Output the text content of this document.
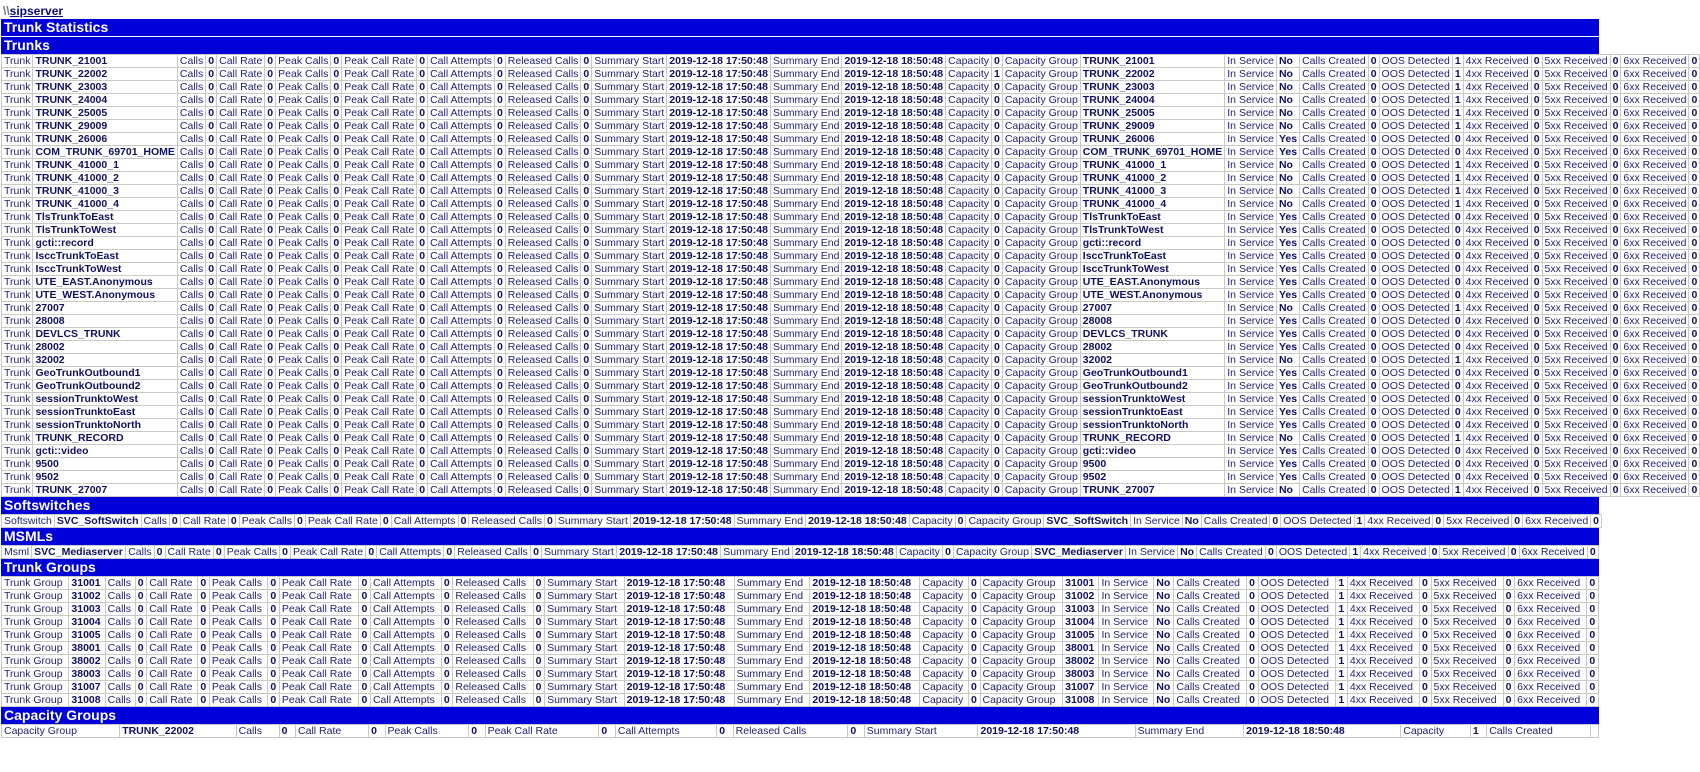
\\sipserver
Trunk Statistics
Trunks
Trunk	TRUNK_21001	Calls	0	Call Rate	0	Peak Calls	0	Peak Call Rate	0	Call Attempts	0	Released Calls	0	Summary Start	2019-12-18 17:50:48	Summary End	2019-12-18 18:50:48	Capacity	0	Capacity Group	TRUNK_21001	In Service	No	Calls Created	0	OOS Detected	1	4xx Received	0	5xx Received	0	6xx Received	0
Trunk	TRUNK_22002	Calls	0	Call Rate	0	Peak Calls	0	Peak Call Rate	0	Call Attempts	0	Released Calls	0	Summary Start	2019-12-18 17:50:48	Summary End	2019-12-18 18:50:48	Capacity	1	Capacity Group	TRUNK_22002	In Service	No	Calls Created	0	OOS Detected	1	4xx Received	0	5xx Received	0	6xx Received	0
Trunk	TRUNK_23003	Calls	0	Call Rate	0	Peak Calls	0	Peak Call Rate	0	Call Attempts	0	Released Calls	0	Summary Start	2019-12-18 17:50:48	Summary End	2019-12-18 18:50:48	Capacity	0	Capacity Group	TRUNK_23003	In Service	No	Calls Created	0	OOS Detected	1	4xx Received	0	5xx Received	0	6xx Received	0
Trunk	TRUNK_24004	Calls	0	Call Rate	0	Peak Calls	0	Peak Call Rate	0	Call Attempts	0	Released Calls	0	Summary Start	2019-12-18 17:50:48	Summary End	2019-12-18 18:50:48	Capacity	0	Capacity Group	TRUNK_24004	In Service	No	Calls Created	0	OOS Detected	1	4xx Received	0	5xx Received	0	6xx Received	0
Trunk	TRUNK_25005	Calls	0	Call Rate	0	Peak Calls	0	Peak Call Rate	0	Call Attempts	0	Released Calls	0	Summary Start	2019-12-18 17:50:48	Summary End	2019-12-18 18:50:48	Capacity	0	Capacity Group	TRUNK_25005	In Service	No	Calls Created	0	OOS Detected	1	4xx Received	0	5xx Received	0	6xx Received	0
Trunk	TRUNK_29009	Calls	0	Call Rate	0	Peak Calls	0	Peak Call Rate	0	Call Attempts	0	Released Calls	0	Summary Start	2019-12-18 17:50:48	Summary End	2019-12-18 18:50:48	Capacity	0	Capacity Group	TRUNK_29009	In Service	No	Calls Created	0	OOS Detected	1	4xx Received	0	5xx Received	0	6xx Received	0
Trunk	TRUNK_26006	Calls	0	Call Rate	0	Peak Calls	0	Peak Call Rate	0	Call Attempts	0	Released Calls	0	Summary Start	2019-12-18 17:50:48	Summary End	2019-12-18 18:50:48	Capacity	0	Capacity Group	TRUNK_26006	In Service	Yes	Calls Created	0	OOS Detected	0	4xx Received	0	5xx Received	0	6xx Received	0
Trunk	COM_TRUNK_69701_HOME	Calls	0	Call Rate	0	Peak Calls	0	Peak Call Rate	0	Call Attempts	0	Released Calls	0	Summary Start	2019-12-18 17:50:48	Summary End	2019-12-18 18:50:48	Capacity	0	Capacity Group	COM_TRUNK_69701_HOME	In Service	Yes	Calls Created	0	OOS Detected	0	4xx Received	0	5xx Received	0	6xx Received	0
Trunk	TRUNK_41000_1	Calls	0	Call Rate	0	Peak Calls	0	Peak Call Rate	0	Call Attempts	0	Released Calls	0	Summary Start	2019-12-18 17:50:48	Summary End	2019-12-18 18:50:48	Capacity	0	Capacity Group	TRUNK_41000_1	In Service	No	Calls Created	0	OOS Detected	1	4xx Received	0	5xx Received	0	6xx Received	0
Trunk	TRUNK_41000_2	Calls	0	Call Rate	0	Peak Calls	0	Peak Call Rate	0	Call Attempts	0	Released Calls	0	Summary Start	2019-12-18 17:50:48	Summary End	2019-12-18 18:50:48	Capacity	0	Capacity Group	TRUNK_41000_2	In Service	No	Calls Created	0	OOS Detected	1	4xx Received	0	5xx Received	0	6xx Received	0
Trunk	TRUNK_41000_3	Calls	0	Call Rate	0	Peak Calls	0	Peak Call Rate	0	Call Attempts	0	Released Calls	0	Summary Start	2019-12-18 17:50:48	Summary End	2019-12-18 18:50:48	Capacity	0	Capacity Group	TRUNK_41000_3	In Service	No	Calls Created	0	OOS Detected	1	4xx Received	0	5xx Received	0	6xx Received	0
Trunk	TRUNK_41000_4	Calls	0	Call Rate	0	Peak Calls	0	Peak Call Rate	0	Call Attempts	0	Released Calls	0	Summary Start	2019-12-18 17:50:48	Summary End	2019-12-18 18:50:48	Capacity	0	Capacity Group	TRUNK_41000_4	In Service	No	Calls Created	0	OOS Detected	1	4xx Received	0	5xx Received	0	6xx Received	0
Trunk	TlsTrunkToEast	Calls	0	Call Rate	0	Peak Calls	0	Peak Call Rate	0	Call Attempts	0	Released Calls	0	Summary Start	2019-12-18 17:50:48	Summary End	2019-12-18 18:50:48	Capacity	0	Capacity Group	TlsTrunkToEast	In Service	Yes	Calls Created	0	OOS Detected	0	4xx Received	0	5xx Received	0	6xx Received	0
Trunk	TlsTrunkToWest	Calls	0	Call Rate	0	Peak Calls	0	Peak Call Rate	0	Call Attempts	0	Released Calls	0	Summary Start	2019-12-18 17:50:48	Summary End	2019-12-18 18:50:48	Capacity	0	Capacity Group	TlsTrunkToWest	In Service	Yes	Calls Created	0	OOS Detected	0	4xx Received	0	5xx Received	0	6xx Received	0
Trunk	gcti::record	Calls	0	Call Rate	0	Peak Calls	0	Peak Call Rate	0	Call Attempts	0	Released Calls	0	Summary Start	2019-12-18 17:50:48	Summary End	2019-12-18 18:50:48	Capacity	0	Capacity Group	gcti::record	In Service	Yes	Calls Created	0	OOS Detected	0	4xx Received	0	5xx Received	0	6xx Received	0
Trunk	IsccTrunkToEast	Calls	0	Call Rate	0	Peak Calls	0	Peak Call Rate	0	Call Attempts	0	Released Calls	0	Summary Start	2019-12-18 17:50:48	Summary End	2019-12-18 18:50:48	Capacity	0	Capacity Group	IsccTrunkToEast	In Service	Yes	Calls Created	0	OOS Detected	0	4xx Received	0	5xx Received	0	6xx Received	0
Trunk	IsccTrunkToWest	Calls	0	Call Rate	0	Peak Calls	0	Peak Call Rate	0	Call Attempts	0	Released Calls	0	Summary Start	2019-12-18 17:50:48	Summary End	2019-12-18 18:50:48	Capacity	0	Capacity Group	IsccTrunkToWest	In Service	Yes	Calls Created	0	OOS Detected	0	4xx Received	0	5xx Received	0	6xx Received	0
Trunk	UTE_EAST.Anonymous	Calls	0	Call Rate	0	Peak Calls	0	Peak Call Rate	0	Call Attempts	0	Released Calls	0	Summary Start	2019-12-18 17:50:48	Summary End	2019-12-18 18:50:48	Capacity	0	Capacity Group	UTE_EAST.Anonymous	In Service	Yes	Calls Created	0	OOS Detected	0	4xx Received	0	5xx Received	0	6xx Received	0
Trunk	UTE_WEST.Anonymous	Calls	0	Call Rate	0	Peak Calls	0	Peak Call Rate	0	Call Attempts	0	Released Calls	0	Summary Start	2019-12-18 17:50:48	Summary End	2019-12-18 18:50:48	Capacity	0	Capacity Group	UTE_WEST.Anonymous	In Service	Yes	Calls Created	0	OOS Detected	0	4xx Received	0	5xx Received	0	6xx Received	0
Trunk	27007	Calls	0	Call Rate	0	Peak Calls	0	Peak Call Rate	0	Call Attempts	0	Released Calls	0	Summary Start	2019-12-18 17:50:48	Summary End	2019-12-18 18:50:48	Capacity	0	Capacity Group	27007	In Service	No	Calls Created	0	OOS Detected	1	4xx Received	0	5xx Received	0	6xx Received	0
Trunk	28008	Calls	0	Call Rate	0	Peak Calls	0	Peak Call Rate	0	Call Attempts	0	Released Calls	0	Summary Start	2019-12-18 17:50:48	Summary End	2019-12-18 18:50:48	Capacity	0	Capacity Group	28008	In Service	Yes	Calls Created	0	OOS Detected	0	4xx Received	0	5xx Received	0	6xx Received	0
Trunk	DEVLCS_TRUNK	Calls	0	Call Rate	0	Peak Calls	0	Peak Call Rate	0	Call Attempts	0	Released Calls	0	Summary Start	2019-12-18 17:50:48	Summary End	2019-12-18 18:50:48	Capacity	0	Capacity Group	DEVLCS_TRUNK	In Service	Yes	Calls Created	0	OOS Detected	0	4xx Received	0	5xx Received	0	6xx Received	0
Trunk	28002	Calls	0	Call Rate	0	Peak Calls	0	Peak Call Rate	0	Call Attempts	0	Released Calls	0	Summary Start	2019-12-18 17:50:48	Summary End	2019-12-18 18:50:48	Capacity	0	Capacity Group	28002	In Service	Yes	Calls Created	0	OOS Detected	0	4xx Received	0	5xx Received	0	6xx Received	0
Trunk	32002	Calls	0	Call Rate	0	Peak Calls	0	Peak Call Rate	0	Call Attempts	0	Released Calls	0	Summary Start	2019-12-18 17:50:48	Summary End	2019-12-18 18:50:48	Capacity	0	Capacity Group	32002	In Service	No	Calls Created	0	OOS Detected	1	4xx Received	0	5xx Received	0	6xx Received	0
Trunk	GeoTrunkOutbound1	Calls	0	Call Rate	0	Peak Calls	0	Peak Call Rate	0	Call Attempts	0	Released Calls	0	Summary Start	2019-12-18 17:50:48	Summary End	2019-12-18 18:50:48	Capacity	0	Capacity Group	GeoTrunkOutbound1	In Service	Yes	Calls Created	0	OOS Detected	0	4xx Received	0	5xx Received	0	6xx Received	0
Trunk	GeoTrunkOutbound2	Calls	0	Call Rate	0	Peak Calls	0	Peak Call Rate	0	Call Attempts	0	Released Calls	0	Summary Start	2019-12-18 17:50:48	Summary End	2019-12-18 18:50:48	Capacity	0	Capacity Group	GeoTrunkOutbound2	In Service	Yes	Calls Created	0	OOS Detected	0	4xx Received	0	5xx Received	0	6xx Received	0
Trunk	sessionTrunktoWest	Calls	0	Call Rate	0	Peak Calls	0	Peak Call Rate	0	Call Attempts	0	Released Calls	0	Summary Start	2019-12-18 17:50:48	Summary End	2019-12-18 18:50:48	Capacity	0	Capacity Group	sessionTrunktoWest	In Service	Yes	Calls Created	0	OOS Detected	0	4xx Received	0	5xx Received	0	6xx Received	0
Trunk	sessionTrunktoEast	Calls	0	Call Rate	0	Peak Calls	0	Peak Call Rate	0	Call Attempts	0	Released Calls	0	Summary Start	2019-12-18 17:50:48	Summary End	2019-12-18 18:50:48	Capacity	0	Capacity Group	sessionTrunktoEast	In Service	Yes	Calls Created	0	OOS Detected	0	4xx Received	0	5xx Received	0	6xx Received	0
Trunk	sessionTrunktoNorth	Calls	0	Call Rate	0	Peak Calls	0	Peak Call Rate	0	Call Attempts	0	Released Calls	0	Summary Start	2019-12-18 17:50:48	Summary End	2019-12-18 18:50:48	Capacity	0	Capacity Group	sessionTrunktoNorth	In Service	Yes	Calls Created	0	OOS Detected	0	4xx Received	0	5xx Received	0	6xx Received	0
Trunk	TRUNK_RECORD	Calls	0	Call Rate	0	Peak Calls	0	Peak Call Rate	0	Call Attempts	0	Released Calls	0	Summary Start	2019-12-18 17:50:48	Summary End	2019-12-18 18:50:48	Capacity	0	Capacity Group	TRUNK_RECORD	In Service	No	Calls Created	0	OOS Detected	1	4xx Received	0	5xx Received	0	6xx Received	0
Trunk	gcti::video	Calls	0	Call Rate	0	Peak Calls	0	Peak Call Rate	0	Call Attempts	0	Released Calls	0	Summary Start	2019-12-18 17:50:48	Summary End	2019-12-18 18:50:48	Capacity	0	Capacity Group	gcti::video	In Service	Yes	Calls Created	0	OOS Detected	0	4xx Received	0	5xx Received	0	6xx Received	0
Trunk	9500	Calls	0	Call Rate	0	Peak Calls	0	Peak Call Rate	0	Call Attempts	0	Released Calls	0	Summary Start	2019-12-18 17:50:48	Summary End	2019-12-18 18:50:48	Capacity	0	Capacity Group	9500	In Service	Yes	Calls Created	0	OOS Detected	0	4xx Received	0	5xx Received	0	6xx Received	0
Trunk	9502	Calls	0	Call Rate	0	Peak Calls	0	Peak Call Rate	0	Call Attempts	0	Released Calls	0	Summary Start	2019-12-18 17:50:48	Summary End	2019-12-18 18:50:48	Capacity	0	Capacity Group	9502	In Service	Yes	Calls Created	0	OOS Detected	0	4xx Received	0	5xx Received	0	6xx Received	0
Trunk	TRUNK_27007	Calls	0	Call Rate	0	Peak Calls	0	Peak Call Rate	0	Call Attempts	0	Released Calls	0	Summary Start	2019-12-18 17:50:48	Summary End	2019-12-18 18:50:48	Capacity	0	Capacity Group	TRUNK_27007	In Service	No	Calls Created	0	OOS Detected	1	4xx Received	0	5xx Received	0	6xx Received	0
Softswitches
Softswitch	SVC_SoftSwitch	Calls	0	Call Rate	0	Peak Calls	0	Peak Call Rate	0	Call Attempts	0	Released Calls	0	Summary Start	2019-12-18 17:50:48	Summary End	2019-12-18 18:50:48	Capacity	0	Capacity Group	SVC_SoftSwitch	In Service	No	Calls Created	0	OOS Detected	1	4xx Received	0	5xx Received	0	6xx Received	0
MSMLs
Msml	SVC_Mediaserver	Calls	0	Call Rate	0	Peak Calls	0	Peak Call Rate	0	Call Attempts	0	Released Calls	0	Summary Start	2019-12-18 17:50:48	Summary End	2019-12-18 18:50:48	Capacity	0	Capacity Group	SVC_Mediaserver	In Service	No	Calls Created	0	OOS Detected	1	4xx Received	0	5xx Received	0	6xx Received	0
Trunk Groups
Trunk Group	31001	Calls	0	Call Rate	0	Peak Calls	0	Peak Call Rate	0	Call Attempts	0	Released Calls	0	Summary Start	2019-12-18 17:50:48	Summary End	2019-12-18 18:50:48	Capacity	0	Capacity Group	31001	In Service	No	Calls Created	0	OOS Detected	1	4xx Received	0	5xx Received	0	6xx Received	0
Trunk Group	31002	Calls	0	Call Rate	0	Peak Calls	0	Peak Call Rate	0	Call Attempts	0	Released Calls	0	Summary Start	2019-12-18 17:50:48	Summary End	2019-12-18 18:50:48	Capacity	0	Capacity Group	31002	In Service	No	Calls Created	0	OOS Detected	1	4xx Received	0	5xx Received	0	6xx Received	0
Trunk Group	31003	Calls	0	Call Rate	0	Peak Calls	0	Peak Call Rate	0	Call Attempts	0	Released Calls	0	Summary Start	2019-12-18 17:50:48	Summary End	2019-12-18 18:50:48	Capacity	0	Capacity Group	31003	In Service	No	Calls Created	0	OOS Detected	1	4xx Received	0	5xx Received	0	6xx Received	0
Trunk Group	31004	Calls	0	Call Rate	0	Peak Calls	0	Peak Call Rate	0	Call Attempts	0	Released Calls	0	Summary Start	2019-12-18 17:50:48	Summary End	2019-12-18 18:50:48	Capacity	0	Capacity Group	31004	In Service	No	Calls Created	0	OOS Detected	1	4xx Received	0	5xx Received	0	6xx Received	0
Trunk Group	31005	Calls	0	Call Rate	0	Peak Calls	0	Peak Call Rate	0	Call Attempts	0	Released Calls	0	Summary Start	2019-12-18 17:50:48	Summary End	2019-12-18 18:50:48	Capacity	0	Capacity Group	31005	In Service	No	Calls Created	0	OOS Detected	1	4xx Received	0	5xx Received	0	6xx Received	0
Trunk Group	38001	Calls	0	Call Rate	0	Peak Calls	0	Peak Call Rate	0	Call Attempts	0	Released Calls	0	Summary Start	2019-12-18 17:50:48	Summary End	2019-12-18 18:50:48	Capacity	0	Capacity Group	38001	In Service	No	Calls Created	0	OOS Detected	1	4xx Received	0	5xx Received	0	6xx Received	0
Trunk Group	38002	Calls	0	Call Rate	0	Peak Calls	0	Peak Call Rate	0	Call Attempts	0	Released Calls	0	Summary Start	2019-12-18 17:50:48	Summary End	2019-12-18 18:50:48	Capacity	0	Capacity Group	38002	In Service	No	Calls Created	0	OOS Detected	1	4xx Received	0	5xx Received	0	6xx Received	0
Trunk Group	38003	Calls	0	Call Rate	0	Peak Calls	0	Peak Call Rate	0	Call Attempts	0	Released Calls	0	Summary Start	2019-12-18 17:50:48	Summary End	2019-12-18 18:50:48	Capacity	0	Capacity Group	38003	In Service	No	Calls Created	0	OOS Detected	1	4xx Received	0	5xx Received	0	6xx Received	0
Trunk Group	31007	Calls	0	Call Rate	0	Peak Calls	0	Peak Call Rate	0	Call Attempts	0	Released Calls	0	Summary Start	2019-12-18 17:50:48	Summary End	2019-12-18 18:50:48	Capacity	0	Capacity Group	31007	In Service	No	Calls Created	0	OOS Detected	1	4xx Received	0	5xx Received	0	6xx Received	0
Trunk Group	31008	Calls	0	Call Rate	0	Peak Calls	0	Peak Call Rate	0	Call Attempts	0	Released Calls	0	Summary Start	2019-12-18 17:50:48	Summary End	2019-12-18 18:50:48	Capacity	0	Capacity Group	31008	In Service	No	Calls Created	0	OOS Detected	1	4xx Received	0	5xx Received	0	6xx Received	0
Capacity Groups
Capacity Group	TRUNK_22002	Calls	0	Call Rate	0	Peak Calls	0	Peak Call Rate	0	Call Attempts	0	Released Calls	0	Summary Start	2019-12-18 17:50:48	Summary End	2019-12-18 18:50:48	Capacity	1	Calls Created	
